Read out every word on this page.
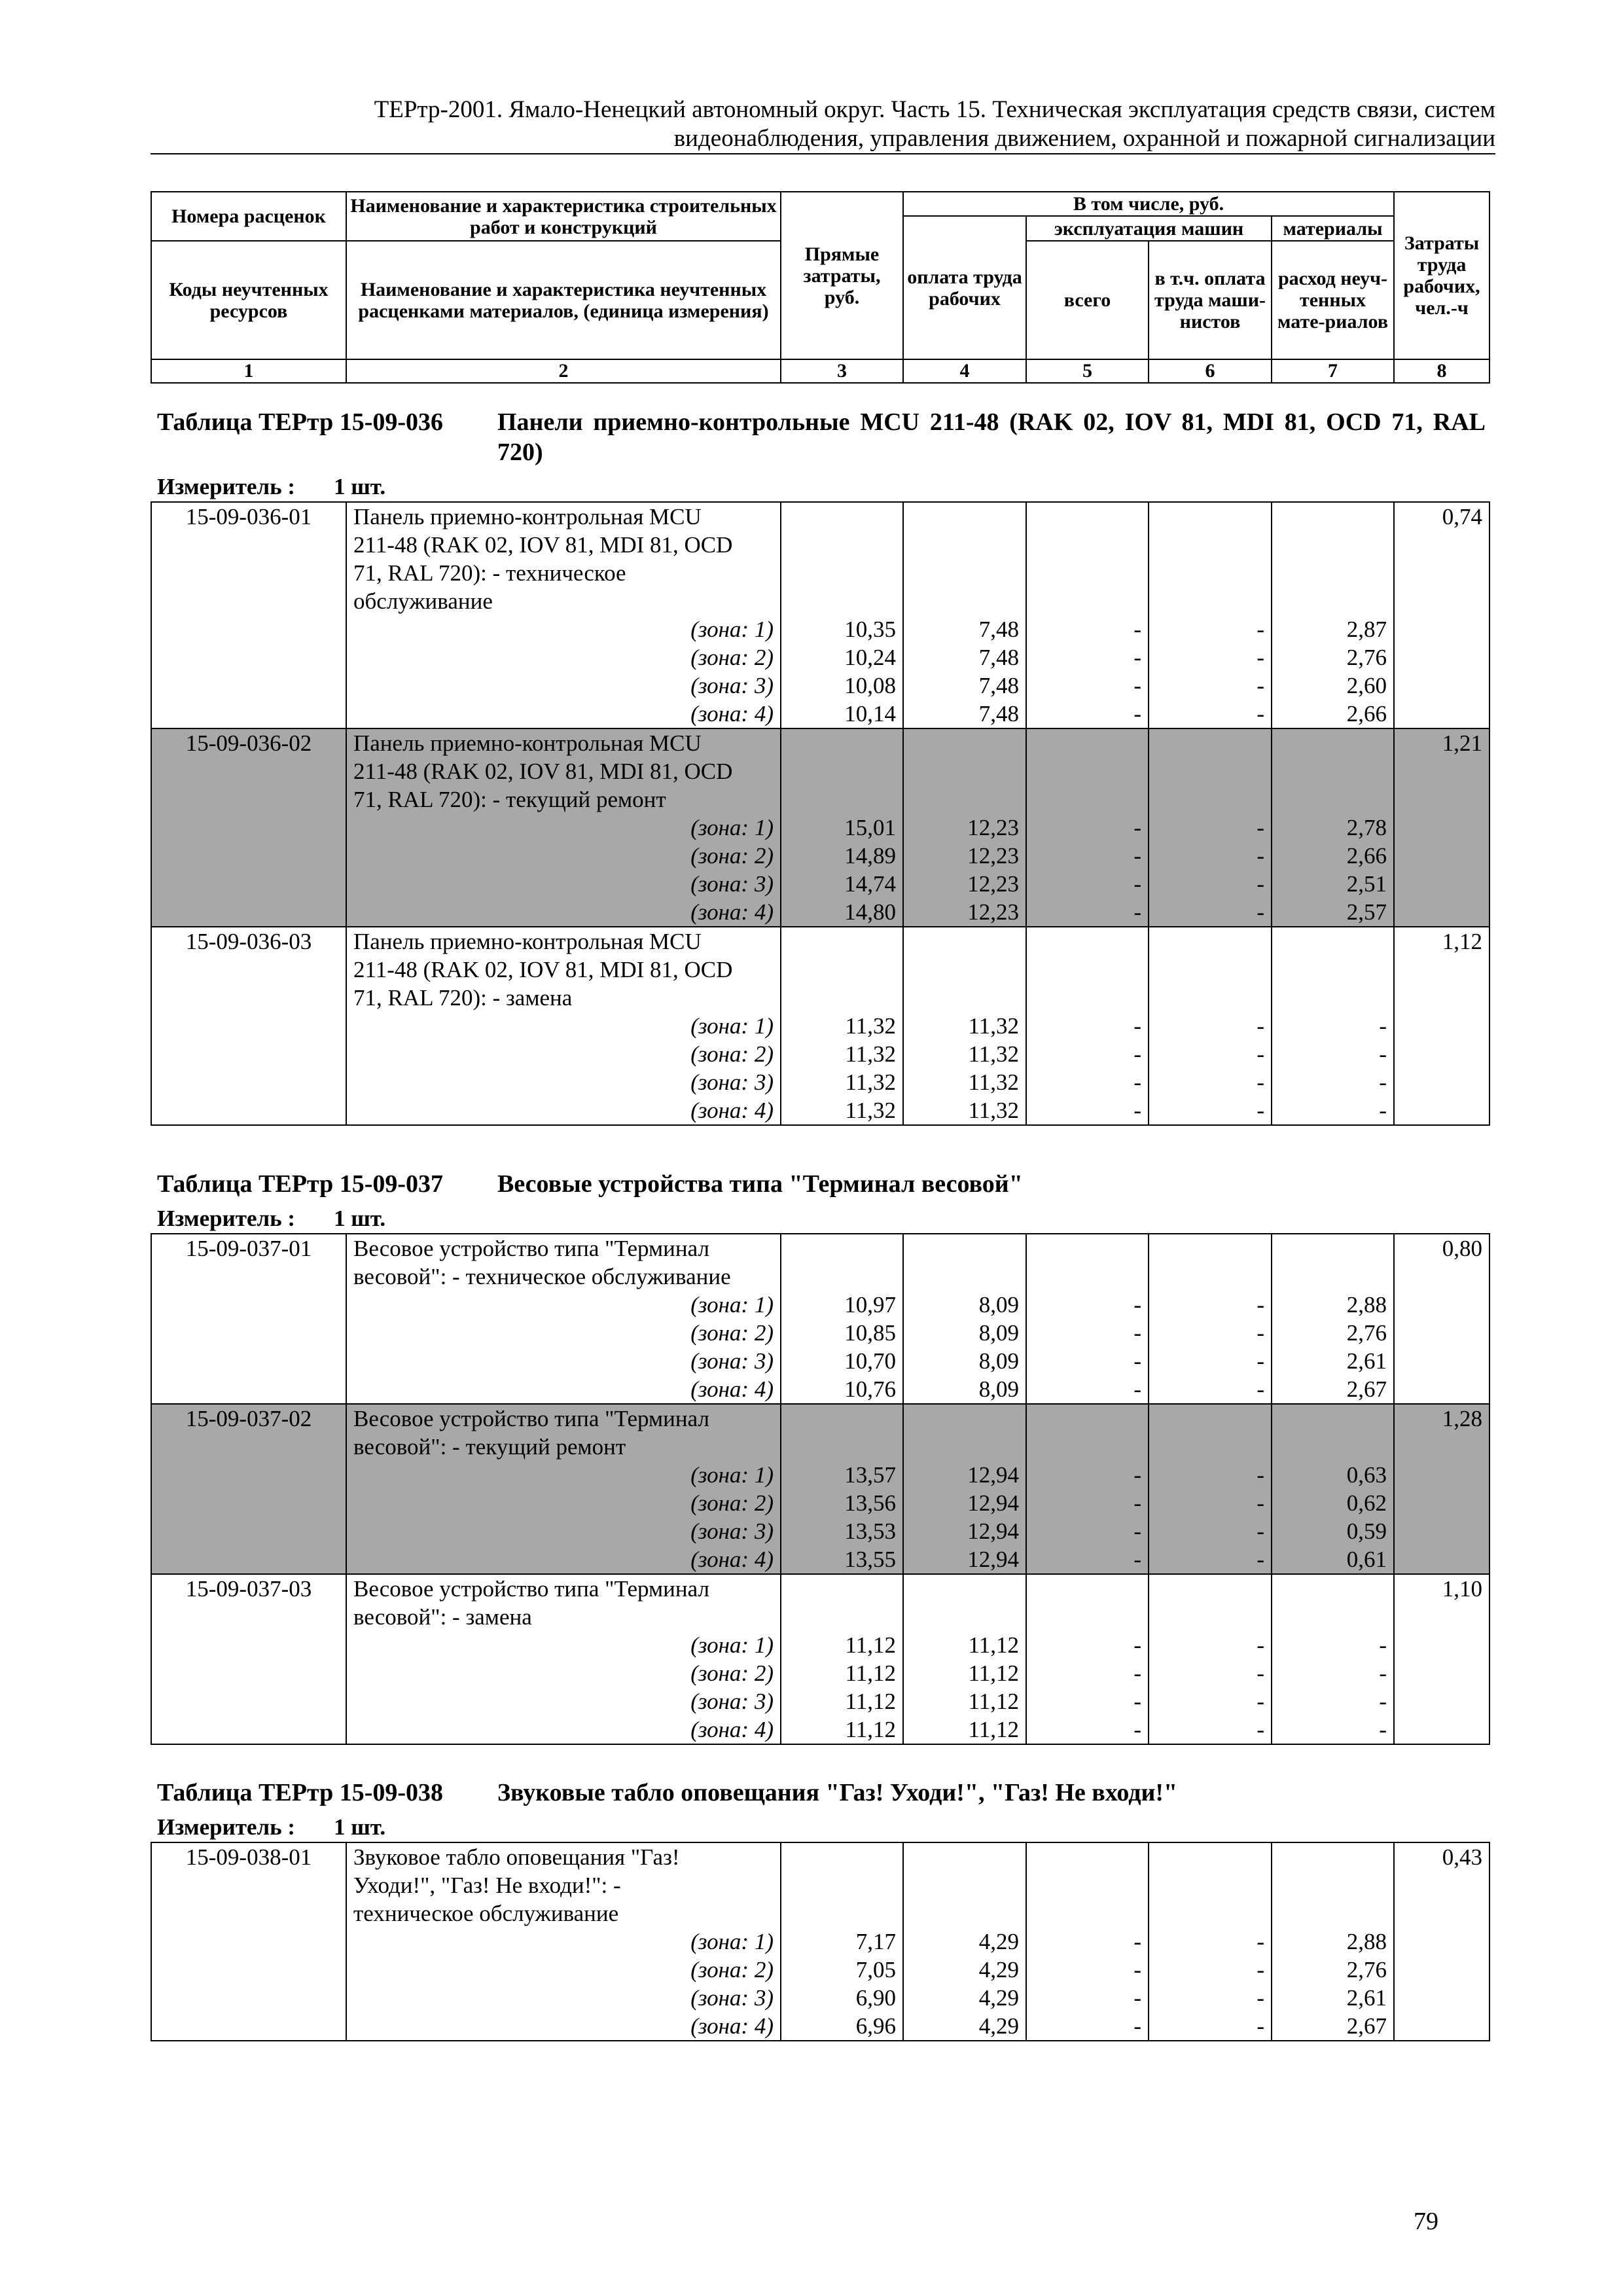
ТЕРтр-2001. Ямало-Ненецкий автономный округ. Часть 15. Техническая эксплуатация средств связи, систем
видеонаблюдения, управления движением, охранной и пожарной сигнализации
Номера расценок	Наименование и характеристика строительных работ и конструкций	Прямые затраты, руб.	В том числе, руб.				Затраты труда рабочих, чел.-ч
			оплата труда рабочих	эксплуатация машин		материалы	
Коды неучтенных ресурсов	Наименование и характеристика неучтенных расценками материалов, (единица измерения)			всего	в т.ч. оплата труда маши-нистов	расход неуч-тенных мате-риалов	

1	2	3	4	5	6	7	8
Таблица ТЕРтр 15-09-036 Панели приемно-контрольные MCU 211-48 (RAK 02, IOV 81, MDI 81, OCD 71, RAL 720)
Измеритель : 1 шт.
15-09-036-01	Панель приемно-контрольная MCU						0,74
	211-48 (RAK 02, IOV 81, MDI 81, OCD						
	71, RAL 720): - техническое						
	обслуживание						
	(зона: 1)	10,35	7,48	-	-	2,87	
	(зона: 2)	10,24	7,48	-	-	2,76	
	(зона: 3)	10,08	7,48	-	-	2,60	
	(зона: 4)	10,14	7,48	-	-	2,66	
15-09-036-02	Панель приемно-контрольная MCU						1,21
	211-48 (RAK 02, IOV 81, MDI 81, OCD						
	71, RAL 720): - текущий ремонт						
	(зона: 1)	15,01	12,23	-	-	2,78	
	(зона: 2)	14,89	12,23	-	-	2,66	
	(зона: 3)	14,74	12,23	-	-	2,51	
	(зона: 4)	14,80	12,23	-	-	2,57	
15-09-036-03	Панель приемно-контрольная MCU						1,12
	211-48 (RAK 02, IOV 81, MDI 81, OCD						
	71, RAL 720): - замена						
	(зона: 1)	11,32	11,32	-	-	-	
	(зона: 2)	11,32	11,32	-	-	-	
	(зона: 3)	11,32	11,32	-	-	-	
	(зона: 4)	11,32	11,32	-	-	-	
Таблица ТЕРтр 15-09-037 Весовые устройства типа "Терминал весовой"
Измеритель : 1 шт.
15-09-037-01	Весовое устройство типа "Терминал						0,80
	весовой": - техническое обслуживание						
	(зона: 1)	10,97	8,09	-	-	2,88	
	(зона: 2)	10,85	8,09	-	-	2,76	
	(зона: 3)	10,70	8,09	-	-	2,61	
	(зона: 4)	10,76	8,09	-	-	2,67	
15-09-037-02	Весовое устройство типа "Терминал						1,28
	весовой": - текущий ремонт						
	(зона: 1)	13,57	12,94	-	-	0,63	
	(зона: 2)	13,56	12,94	-	-	0,62	
	(зона: 3)	13,53	12,94	-	-	0,59	
	(зона: 4)	13,55	12,94	-	-	0,61	
15-09-037-03	Весовое устройство типа "Терминал						1,10
	весовой": - замена						
	(зона: 1)	11,12	11,12	-	-	-	
	(зона: 2)	11,12	11,12	-	-	-	
	(зона: 3)	11,12	11,12	-	-	-	
	(зона: 4)	11,12	11,12	-	-	-	
Таблица ТЕРтр 15-09-038 Звуковые табло оповещания "Газ! Уходи!", "Газ! Не входи!"
Измеритель : 1 шт.
15-09-038-01	Звуковое табло оповещания "Газ!						0,43
	Уходи!", "Газ! Не входи!": -						
	техническое обслуживание						
	(зона: 1)	7,17	4,29	-	-	2,88	
	(зона: 2)	7,05	4,29	-	-	2,76	
	(зона: 3)	6,90	4,29	-	-	2,61	
	(зона: 4)	6,96	4,29	-	-	2,67	
79
